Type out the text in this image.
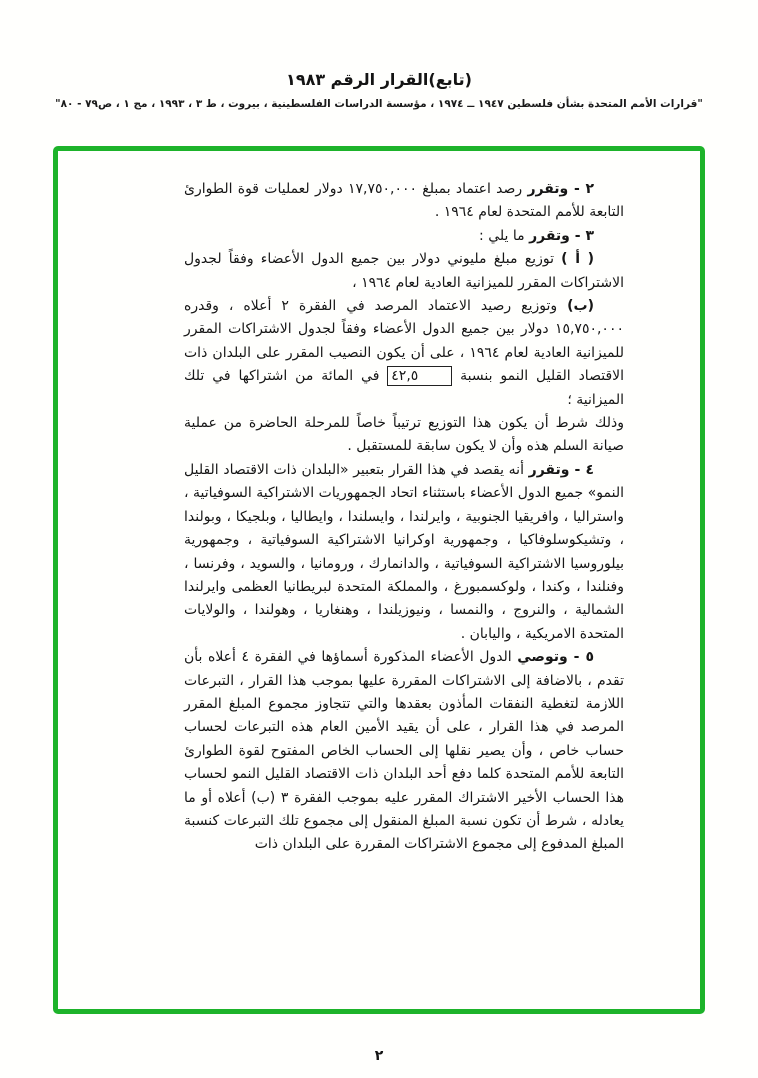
(تابع)القرار الرقم ١٩٨٣
"قرارات الأمم المتحدة بشأن فلسطين ١٩٤٧ ــ ١٩٧٤ ، مؤسسة الدراسات الفلسطينية ، بيروت ، ط ٣ ، ١٩٩٣ ، مج ١ ، ص٧٩ - ٨٠"

٢ - وتقرر رصد اعتماد بمبلغ ١٧,٧٥٠,٠٠٠ دولار لعمليات قوة الطوارئ التابعة للأمم المتحدة لعام ١٩٦٤ .

٣ - وتقرر ما يلي :

( أ ) توزيع مبلغ مليوني دولار بين جميع الدول الأعضاء وفقاً لجدول الاشتراكات المقرر للميزانية العادية لعام ١٩٦٤ ،

(ب) وتوزيع رصيد الاعتماد المرصد في الفقرة ٢ أعلاه ، وقدره ١٥,٧٥٠,٠٠٠ دولار بين جميع الدول الأعضاء وفقاً لجدول الاشتراكات المقرر للميزانية العادية لعام ١٩٦٤ ، على أن يكون النصيب المقرر على البلدان ذات الاقتصاد القليل النمو بنسبة ٤٢,٥ في المائة من اشتراكها في تلك الميزانية ؛

وذلك شرط أن يكون هذا التوزيع ترتيباً خاصاً للمرحلة الحاضرة من عملية صيانة السلم هذه وأن لا يكون سابقة للمستقبل .

٤ - وتقرر أنه يقصد في هذا القرار بتعبير «البلدان ذات الاقتصاد القليل النمو» جميع الدول الأعضاء باستثناء اتحاد الجمهوريات الاشتراكية السوفياتية ، واستراليا ، وافريقيا الجنوبية ، وايرلندا ، وايسلندا ، وايطاليا ، وبلجيكا ، وبولندا ، وتشيكوسلوفاكيا ، وجمهورية اوكرانيا الاشتراكية السوفياتية ، وجمهورية بيلوروسيا الاشتراكية السوفياتية ، والدانمارك ، ورومانيا ، والسويد ، وفرنسا ، وفنلندا ، وكندا ، ولوكسمبورغ ، والمملكة المتحدة لبريطانيا العظمى وايرلندا الشمالية ، والنروج ، والنمسا ، ونيوزيلندا ، وهنغاريا ، وهولندا ، والولايات المتحدة الامريكية ، واليابان .

٥ - وتوصي الدول الأعضاء المذكورة أسماؤها في الفقرة ٤ أعلاه بأن تقدم ، بالاضافة إلى الاشتراكات المقررة عليها بموجب هذا القرار ، التبرعات اللازمة لتغطية النفقات المأذون بعقدها والتي تتجاوز مجموع المبلغ المقرر المرصد في هذا القرار ، على أن يقيد الأمين العام هذه التبرعات لحساب حساب خاص ، وأن يصير نقلها إلى الحساب الخاص المفتوح لقوة الطوارئ التابعة للأمم المتحدة كلما دفع أحد البلدان ذات الاقتصاد القليل النمو لحساب هذا الحساب الأخير الاشتراك المقرر عليه بموجب الفقرة ٣ (ب) أعلاه أو ما يعادله ، شرط أن تكون نسبة المبلغ المنقول إلى مجموع تلك التبرعات كنسبة المبلغ المدفوع إلى مجموع الاشتراكات المقررة على البلدان ذات

٢
